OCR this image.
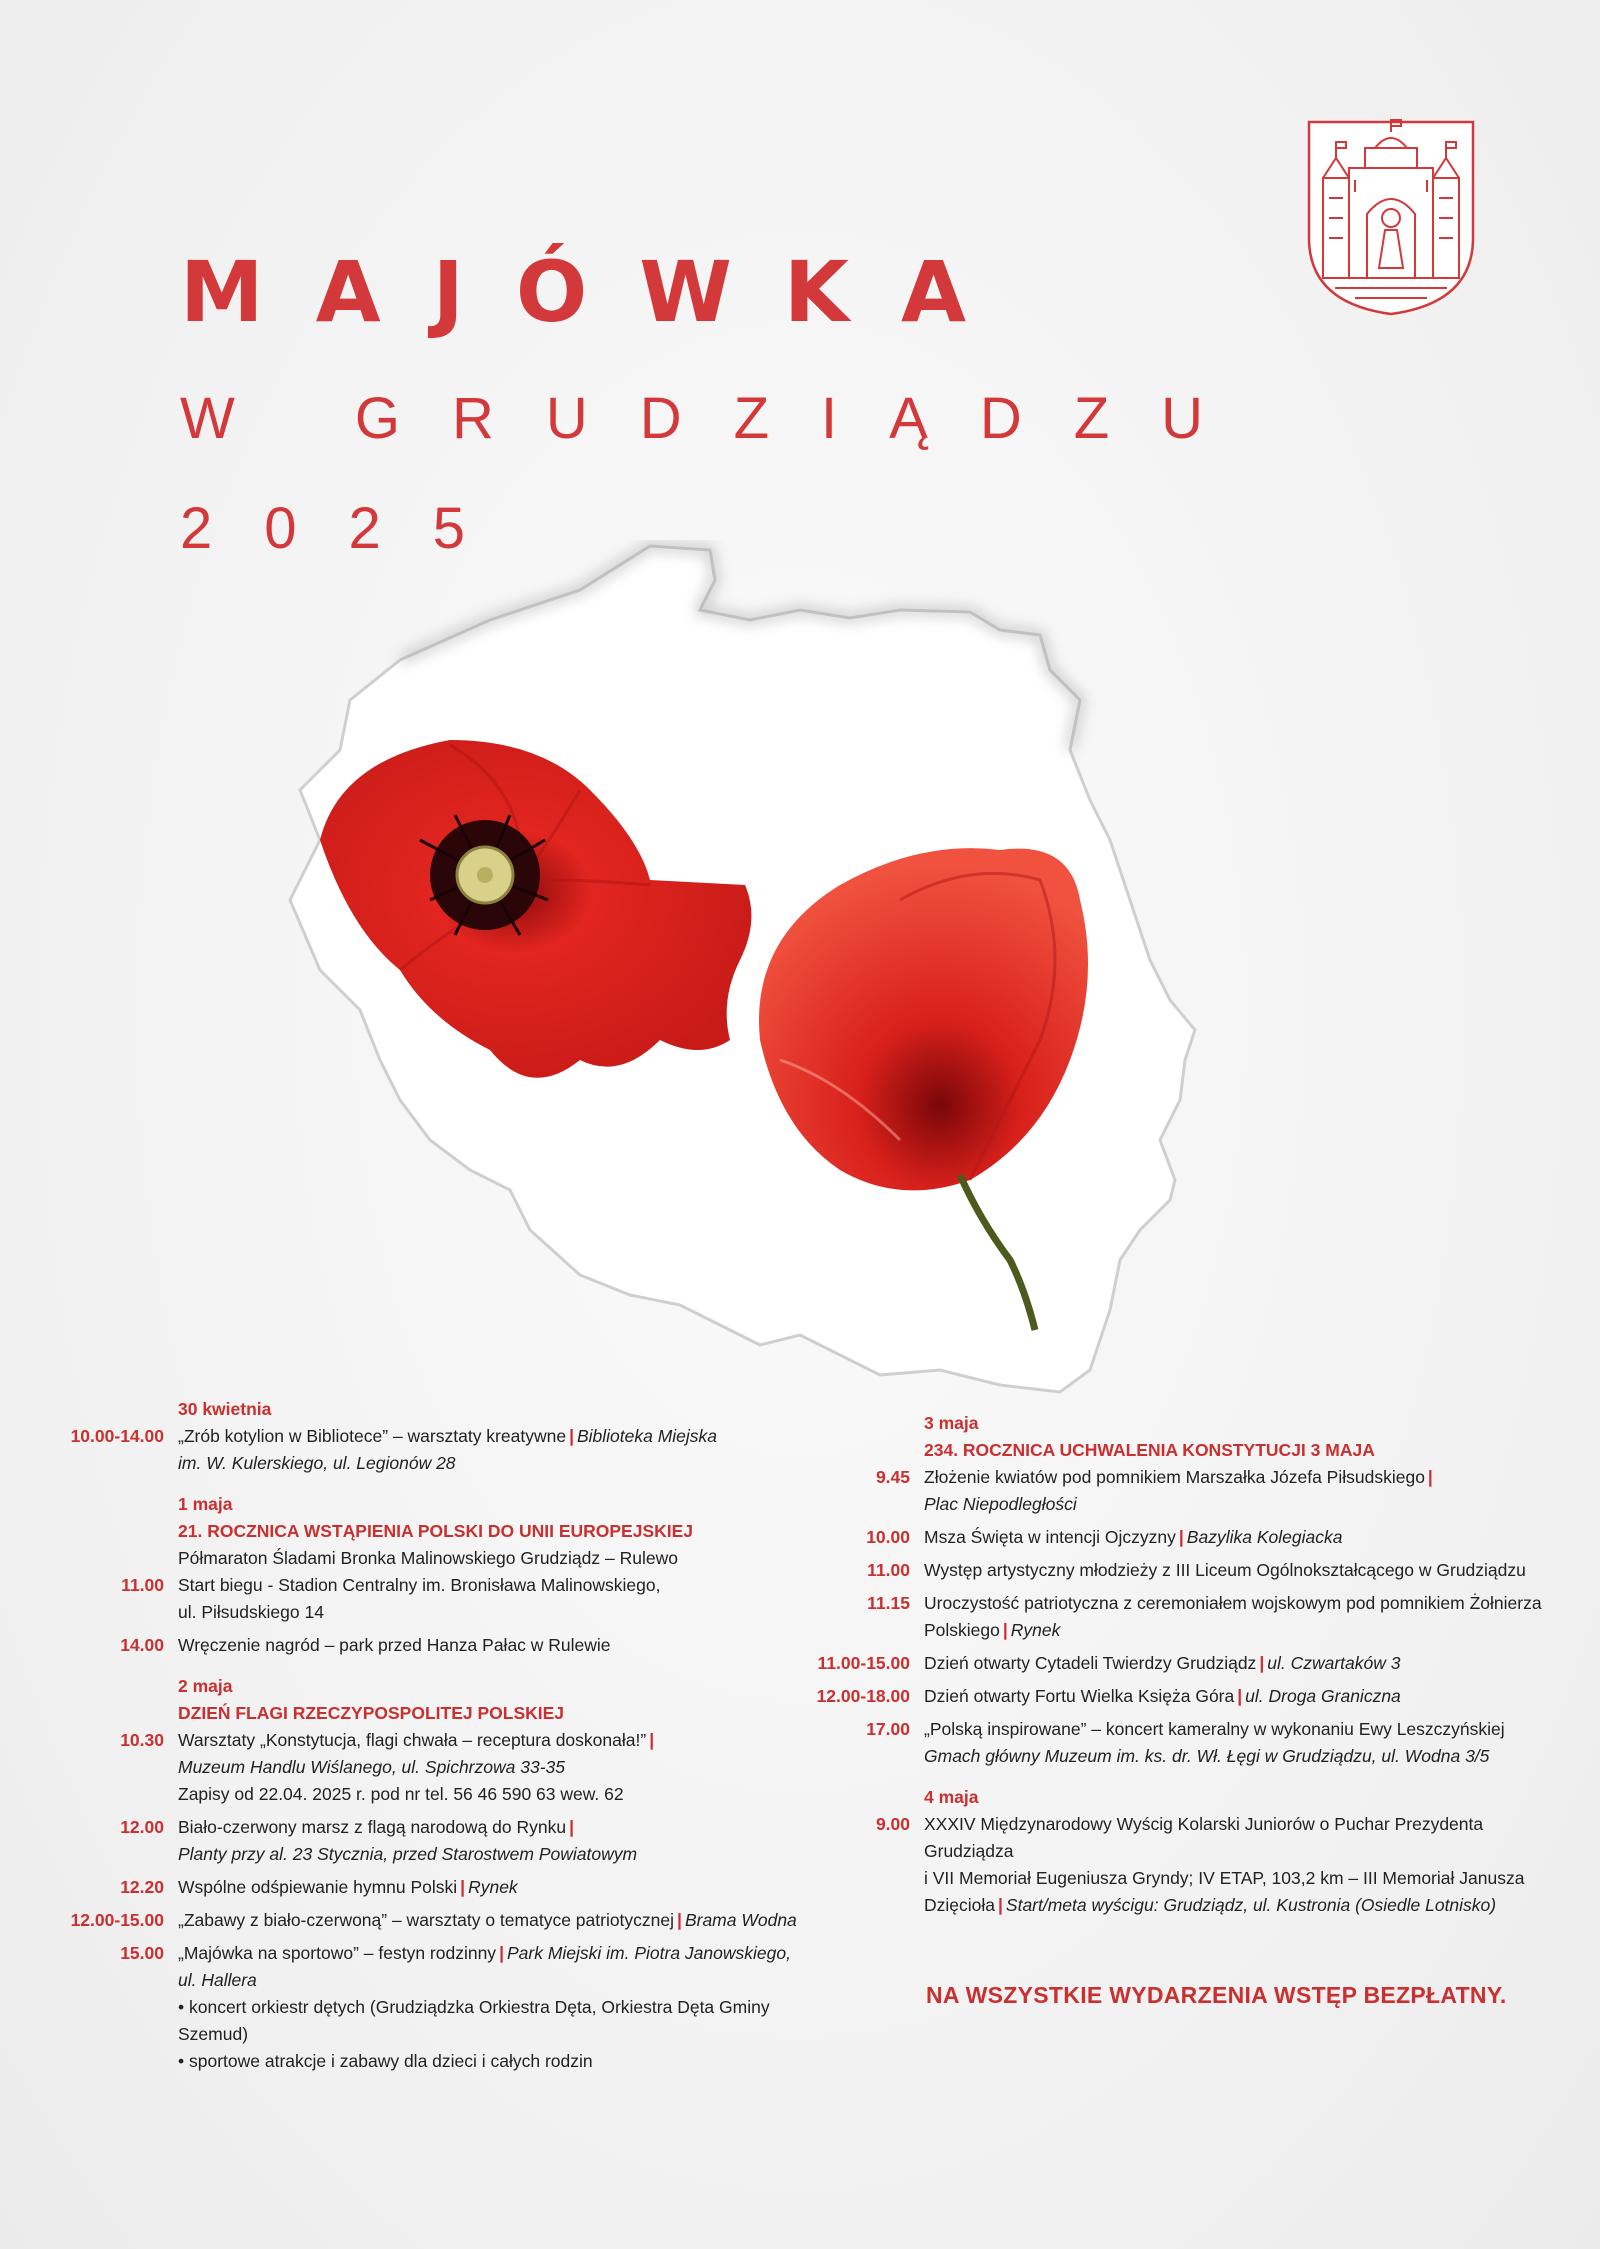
MAJÓWKA
W GRUDZIĄDZU
2025
30 kwietnia
10.00-14.00 „Zrób kotylion w Bibliotece” – warsztaty kreatywne | Biblioteka Miejska
im. W. Kulerskiego, ul. Legionów 28
1 maja
21. ROCZNICA WSTĄPIENIA POLSKI DO UNII EUROPEJSKIEJ
Półmaraton Śladami Bronka Malinowskiego Grudziądz – Rulewo
11.00 Start biegu - Stadion Centralny im. Bronisława Malinowskiego,
ul. Piłsudskiego 14
14.00 Wręczenie nagród – park przed Hanza Pałac w Rulewie
2 maja
DZIEŃ FLAGI RZECZYPOSPOLITEJ POLSKIEJ
10.30 Warsztaty „Konstytucja, flagi chwała – receptura doskonała!” |
Muzeum Handlu Wiślanego, ul. Spichrzowa 33-35
Zapisy od 22.04. 2025 r. pod nr tel. 56 46 590 63 wew. 62
12.00 Biało-czerwony marsz z flagą narodową do Rynku |
Planty przy al. 23 Stycznia, przed Starostwem Powiatowym
12.20 Wspólne odśpiewanie hymnu Polski | Rynek
12.00-15.00 „Zabawy z biało-czerwoną” – warsztaty o tematyce patriotycznej | Brama Wodna
15.00 „Majówka na sportowo” – festyn rodzinny | Park Miejski im. Piotra Janowskiego,
ul. Hallera
• koncert orkiestr dętych (Grudziądzka Orkiestra Dęta, Orkiestra Dęta Gminy Szemud)
• sportowe atrakcje i zabawy dla dzieci i całych rodzin
3 maja
234. ROCZNICA UCHWALENIA KONSTYTUCJI 3 MAJA
9.45 Złożenie kwiatów pod pomnikiem Marszałka Józefa Piłsudskiego |
Plac Niepodległości
10.00 Msza Święta w intencji Ojczyzny | Bazylika Kolegiacka
11.00 Występ artystyczny młodzieży z III Liceum Ogólnokształcącego w Grudziądzu
11.15 Uroczystość patriotyczna z ceremoniałem wojskowym pod pomnikiem Żołnierza
Polskiego | Rynek
11.00-15.00 Dzień otwarty Cytadeli Twierdzy Grudziądz | ul. Czwartaków 3
12.00-18.00 Dzień otwarty Fortu Wielka Księża Góra | ul. Droga Graniczna
17.00 „Polską inspirowane” – koncert kameralny w wykonaniu Ewy Leszczyńskiej
Gmach główny Muzeum im. ks. dr. Wł. Łęgi w Grudziądzu, ul. Wodna 3/5
4 maja
9.00 XXXIV Międzynarodowy Wyścig Kolarski Juniorów o Puchar Prezydenta Grudziądza
i VII Memoriał Eugeniusza Gryndy; IV ETAP, 103,2 km – III Memoriał Janusza
Dzięcioła | Start/meta wyścigu: Grudziądz, ul. Kustronia (Osiedle Lotnisko)
NA WSZYSTKIE WYDARZENIA WSTĘP BEZPŁATNY.
